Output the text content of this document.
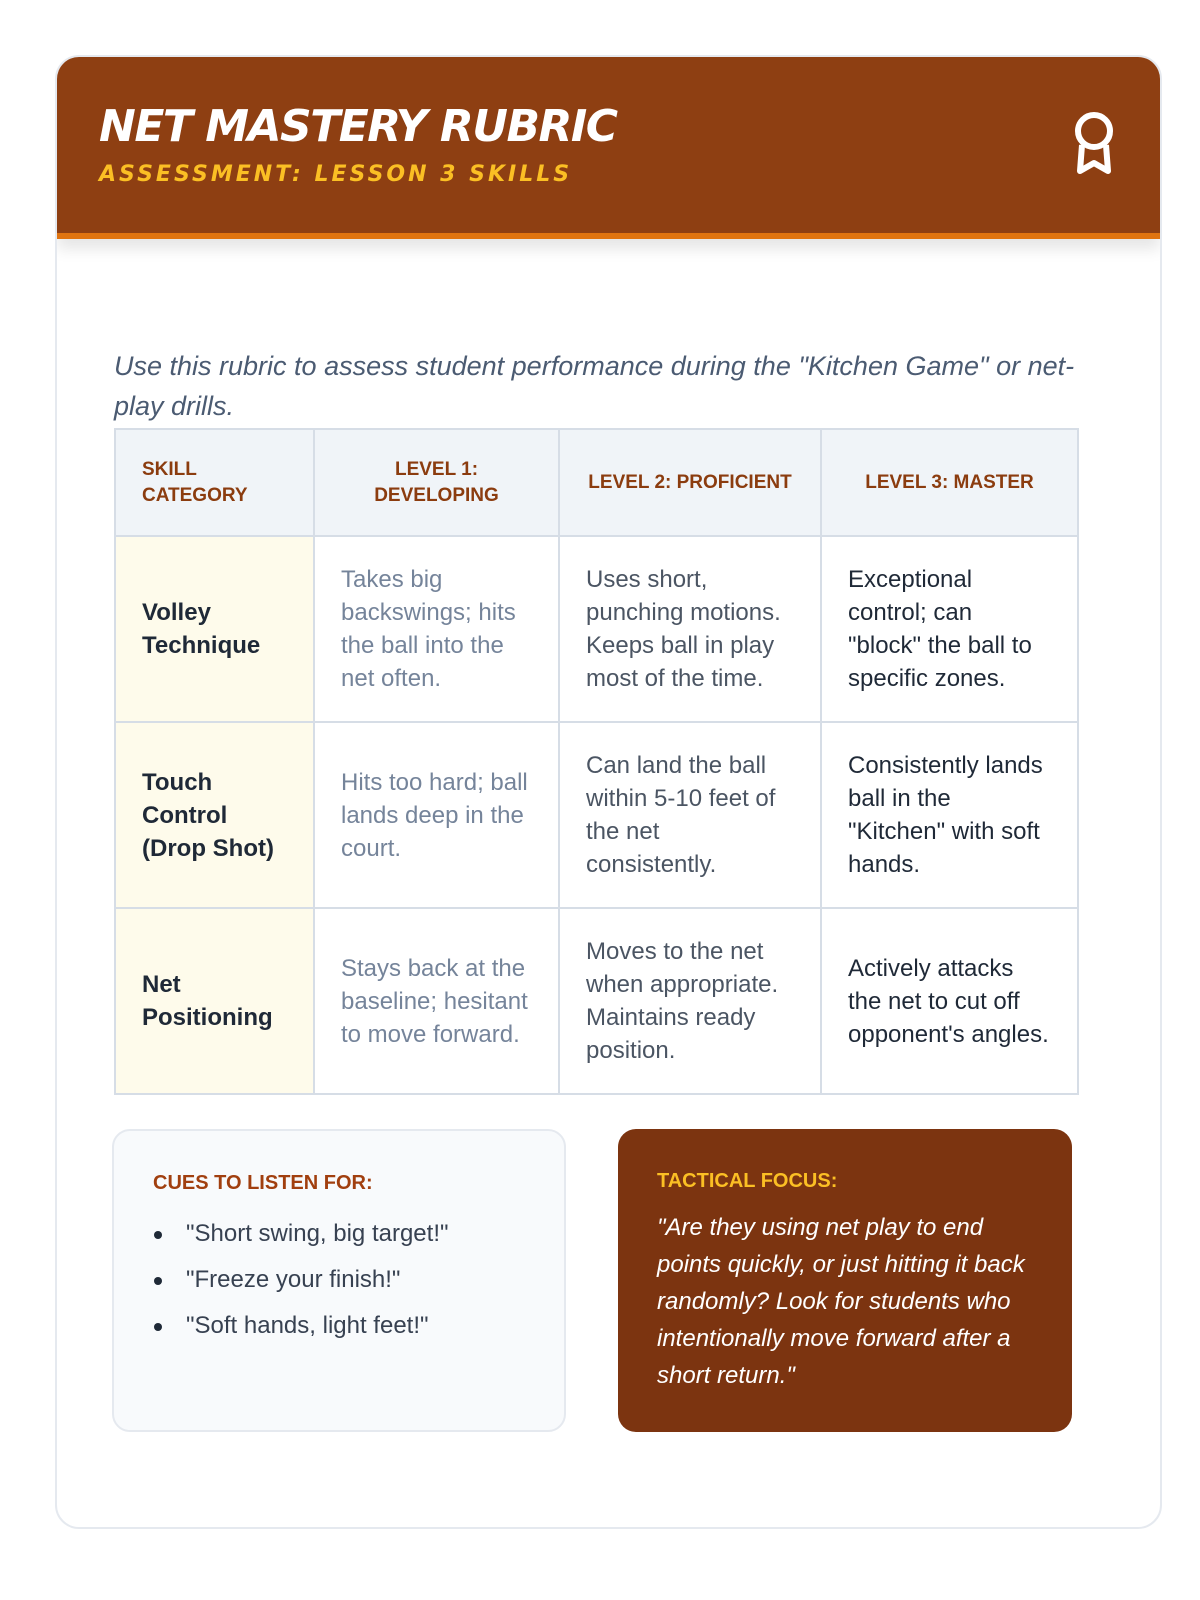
NET MASTERY RUBRIC

ASSESSMENT: LESSON 3 SKILLS

Use this rubric to assess student performance during the "Kitchen Game" or net-play drills.

SKILL CATEGORY	LEVEL 1: DEVELOPING	LEVEL 2: PROFICIENT	LEVEL 3: MASTER
Volley Technique	Takes big backswings; hits the ball into the net often.	Uses short, punching motions. Keeps ball in play most of the time.	Exceptional control; can "block" the ball to specific zones.
Touch Control (Drop Shot)	Hits too hard; ball lands deep in the court.	Can land the ball within 5-10 feet of the net consistently.	Consistently lands ball in the "Kitchen" with soft hands.
Net Positioning	Stays back at the baseline; hesitant to move forward.	Moves to the net when appropriate. Maintains ready position.	Actively attacks the net to cut off opponent's angles.

CUES TO LISTEN FOR:

"Short swing, big target!"
"Freeze your finish!"
"Soft hands, light feet!"

TACTICAL FOCUS:

"Are they using net play to end points quickly, or just hitting it back randomly? Look for students who intentionally move forward after a short return."
